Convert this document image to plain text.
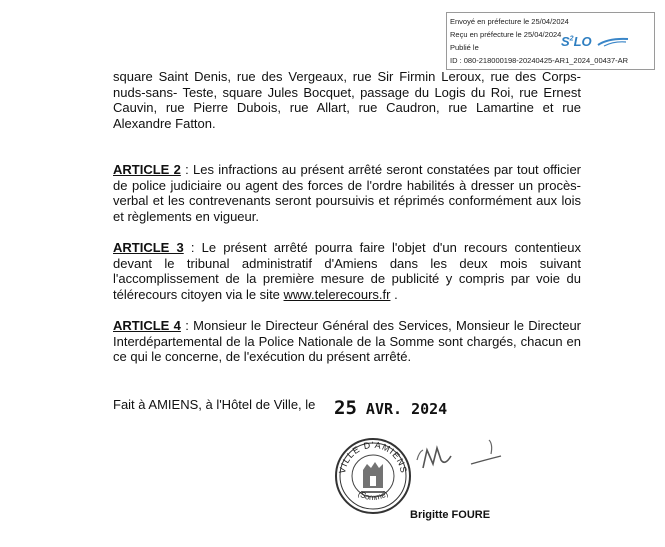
Envoyé en préfecture le 25/04/2024
Reçu en préfecture le 25/04/2024
Publié le
ID : 080-218000198-20240425-AR1_2024_00437-AR
$S^2LO$
square Saint Denis, rue des Vergeaux, rue Sir Firmin Leroux, rue des Corps-nuds-sans- Teste, square Jules Bocquet, passage du Logis du Roi, rue Ernest Cauvin, rue Pierre Dubois, rue Allart, rue Caudron, rue Lamartine et rue Alexandre Fatton.
ARTICLE 2 : Les infractions au présent arrêté seront constatées par tout officier de police judiciaire ou agent des forces de l'ordre habilités à dresser un procès-verbal et les contrevenants seront poursuivis et réprimés conformément aux lois et règlements en vigueur.
ARTICLE 3 : Le présent arrêté pourra faire l'objet d'un recours contentieux devant le tribunal administratif d'Amiens dans les deux mois suivant l'accomplissement de la première mesure de publicité y compris par voie du télérecours citoyen via le site www.telerecours.fr .
ARTICLE 4 : Monsieur le Directeur Général des Services, Monsieur le Directeur Interdépartemental de la Police Nationale de la Somme sont chargés, chacun en ce qui le concerne, de l'exécution du présent arrêté.
Fait à AMIENS, à l'Hôtel de Ville, le 25 AVR. 2024
VILLE D'AMIENS
(Somme)
Brigitte FOURE
